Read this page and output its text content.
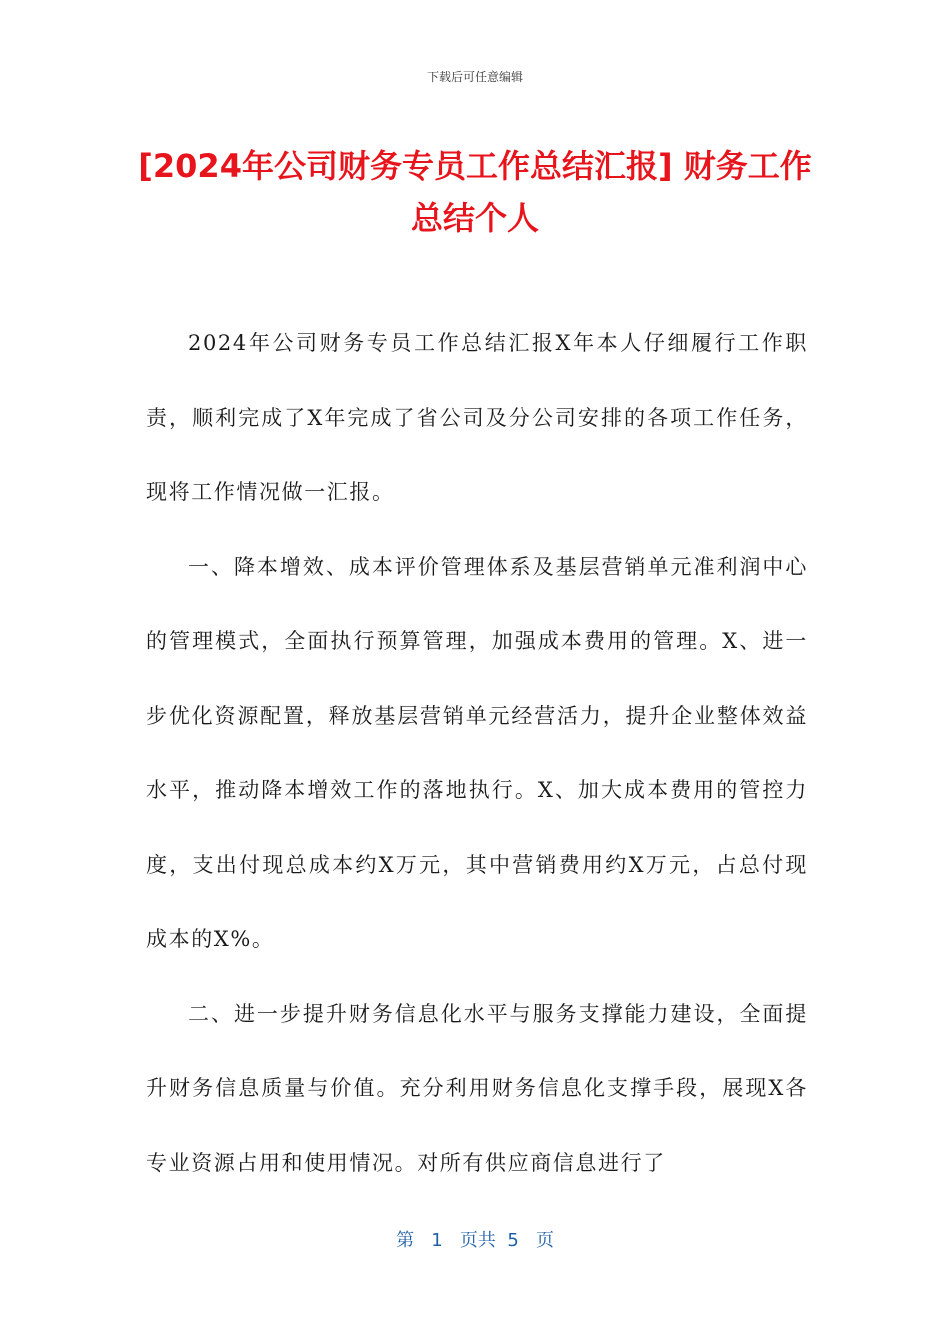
下载后可任意编辑
[2024年公司财务专员工作总结汇报] 财务工作总结个人

2024年公司财务专员工作总结汇报X年本人仔细履行工作职责，顺利完成了X年完成了省公司及分公司安排的各项工作任务，现将工作情况做一汇报。

一、降本增效、成本评价管理体系及基层营销单元准利润中心的管理模式，全面执行预算管理，加强成本费用的管理。X、进一步优化资源配置，释放基层营销单元经营活力，提升企业整体效益水平，推动降本增效工作的落地执行。X、加大成本费用的管控力度，支出付现总成本约X万元，其中营销费用约X万元，占总付现成本的X%。

二、进一步提升财务信息化水平与服务支撑能力建设，全面提升财务信息质量与价值。充分利用财务信息化支撑手段，展现X各专业资源占用和使用情况。对所有供应商信息进行了

第 1 页共 5 页
